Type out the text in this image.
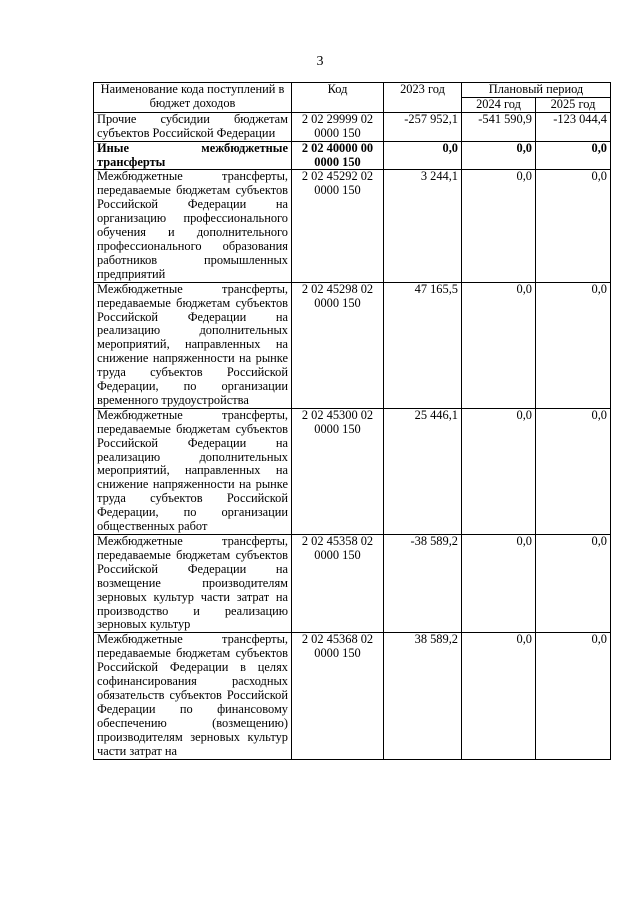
3
Наименование кода поступлений в бюджет доходов	Код	2023 год	Плановый период	
			2024 год	2025 год
Прочие субсидии бюджетам субъектов Российской Федерации	2 02 29999 02 0000 150	-257 952,1	-541 590,9	-123 044,4
Иные межбюджетные трансферты	2 02 40000 00 0000 150	0,0	0,0	0,0
Межбюджетные трансферты, передаваемые бюджетам субъектов Российской Федерации на организацию профессионального обучения и дополнительного профессионального образования работников промышленных предприятий	2 02 45292 02 0000 150	3 244,1	0,0	0,0
Межбюджетные трансферты, передаваемые бюджетам субъектов Российской Федерации на реализацию дополнительных мероприятий, направленных на снижение напряженности на рынке труда субъектов Российской Федерации, по организации временного трудоустройства	2 02 45298 02 0000 150	47 165,5	0,0	0,0
Межбюджетные трансферты, передаваемые бюджетам субъектов Российской Федерации на реализацию дополнительных мероприятий, направленных на снижение напряженности на рынке труда субъектов Российской Федерации, по организации общественных работ	2 02 45300 02 0000 150	25 446,1	0,0	0,0
Межбюджетные трансферты, передаваемые бюджетам субъектов Российской Федерации на возмещение производителям зерновых культур части затрат на производство и реализацию зерновых культур	2 02 45358 02 0000 150	-38 589,2	0,0	0,0
Межбюджетные трансферты, передаваемые бюджетам субъектов Российской Федерации в целях софинансирования расходных обязательств субъектов Российской Федерации по финансовому обеспечению (возмещению) производителям зерновых культур части затрат на	2 02 45368 02 0000 150	38 589,2	0,0	0,0
